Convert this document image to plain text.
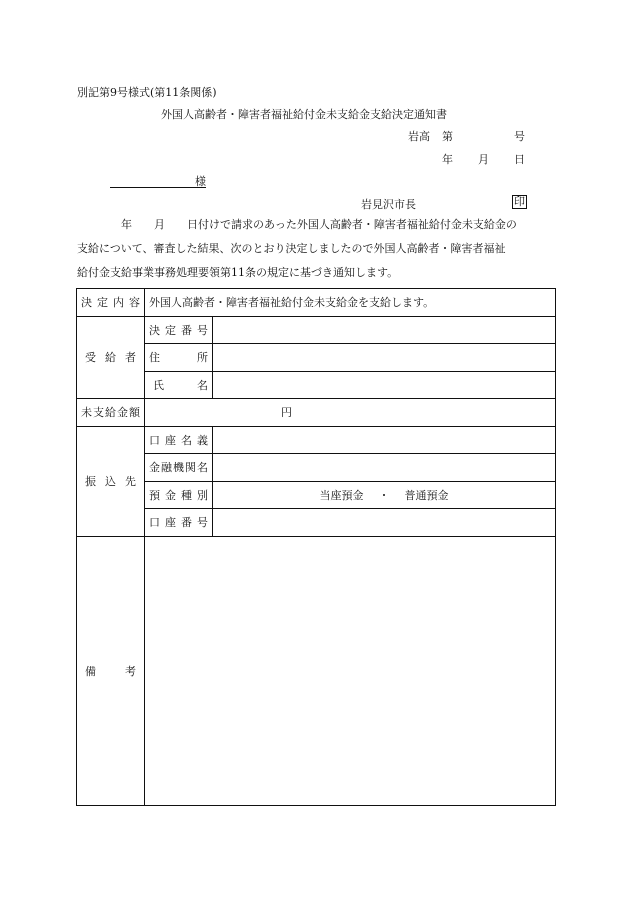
別記第9号様式(第11条関係)
外国人高齢者・障害者福祉給付金未支給金支給決定通知書
岩高 第	号
年 月 日
様
岩見沢市長	印

年　　月　　日付けで請求のあった外国人高齢者・障害者福祉給付金未支給金の

支給について、審査した結果、次のとおり決定しましたので外国人高齢者・障害者福祉

給付金支給事業事務処理要領第11条の規定に基づき通知します。

決定内容	外国人高齢者・障害者福祉給付金未支給金を支給します。	

受給者	決定番号	

	住所	

	氏名	

未支給金額	円	

振込先	口座名義	

	金融機関名	

	預金種別	当座預金 ・ 普通預金

	口座番号	

備考		
